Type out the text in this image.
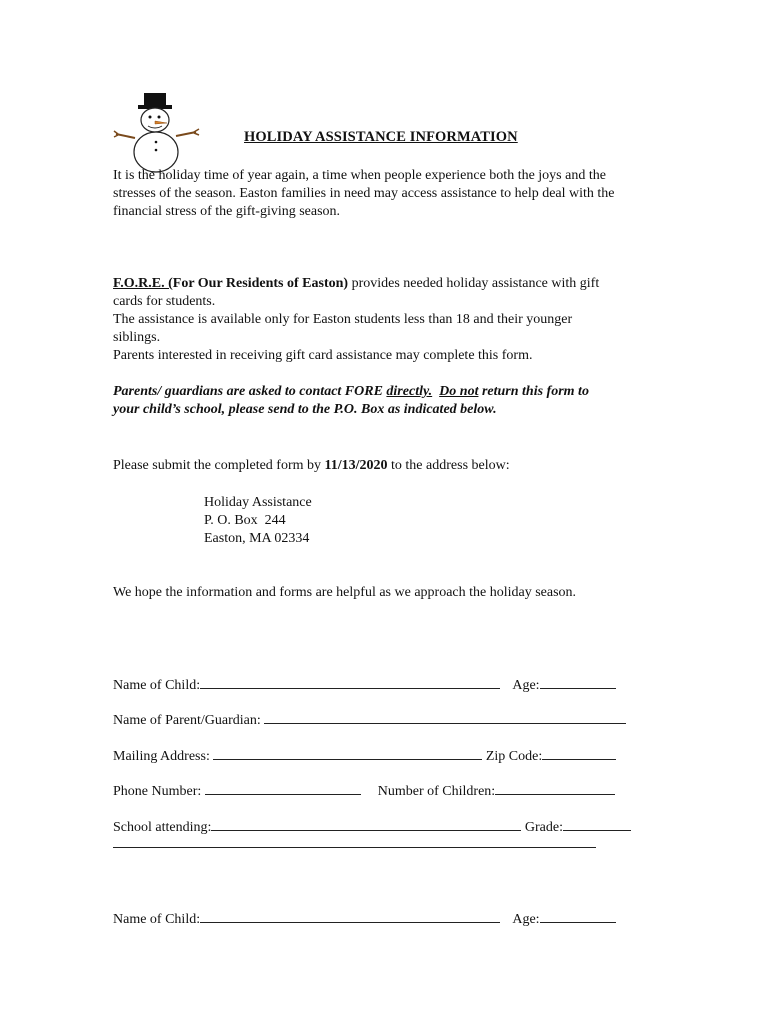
HOLIDAY ASSISTANCE INFORMATION
It is the holiday time of year again, a time when people experience both the joys and the
stresses of the season. Easton families in need may access assistance to help deal with the
financial stress of the gift-giving season.
F.O.R.E. (For Our Residents of Easton) provides needed holiday assistance with gift
cards for students.
The assistance is available only for Easton students less than 18 and their younger
siblings.
Parents interested in receiving gift card assistance may complete this form.
Parents/ guardians are asked to contact FORE directly. Do not return this form to
your child’s school, please send to the P.O. Box as indicated below.
Please submit the completed form by 11/13/2020 to the address below:
Holiday Assistance
P. O. Box  244
Easton, MA 02334
We hope the information and forms are helpful as we approach the holiday season.
Name of Child:	Age:
Name of Parent/Guardian:
Mailing Address:	Zip Code:
Phone Number:	Number of Children:
School attending:	Grade:
Name of Child:	Age:
